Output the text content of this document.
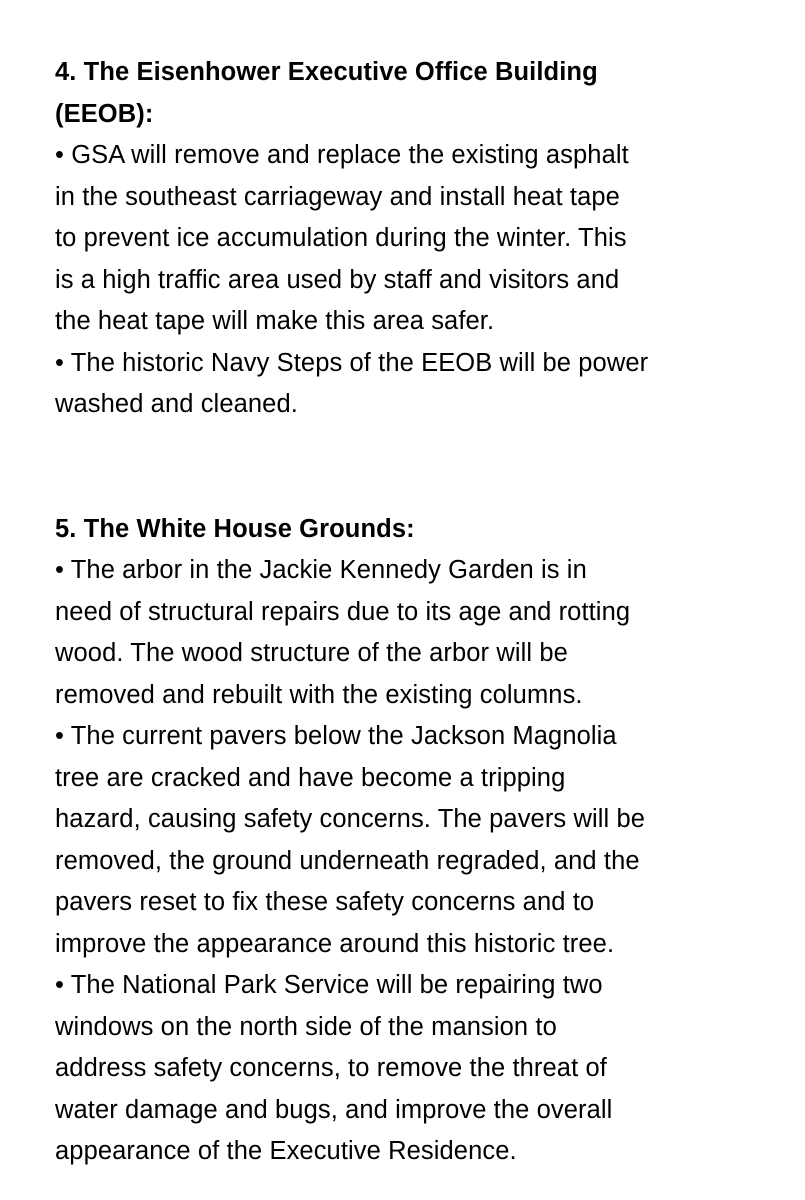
4. The Eisenhower Executive Office Building
(EEOB):
• GSA will remove and replace the existing asphalt
in the southeast carriageway and install heat tape
to prevent ice accumulation during the winter. This
is a high traffic area used by staff and visitors and
the heat tape will make this area safer.
• The historic Navy Steps of the EEOB will be power
washed and cleaned.
5. The White House Grounds:
• The arbor in the Jackie Kennedy Garden is in
need of structural repairs due to its age and rotting
wood. The wood structure of the arbor will be
removed and rebuilt with the existing columns.
• The current pavers below the Jackson Magnolia
tree are cracked and have become a tripping
hazard, causing safety concerns. The pavers will be
removed, the ground underneath regraded, and the
pavers reset to fix these safety concerns and to
improve the appearance around this historic tree.
• The National Park Service will be repairing two
windows on the north side of the mansion to
address safety concerns, to remove the threat of
water damage and bugs, and improve the overall
appearance of the Executive Residence.
